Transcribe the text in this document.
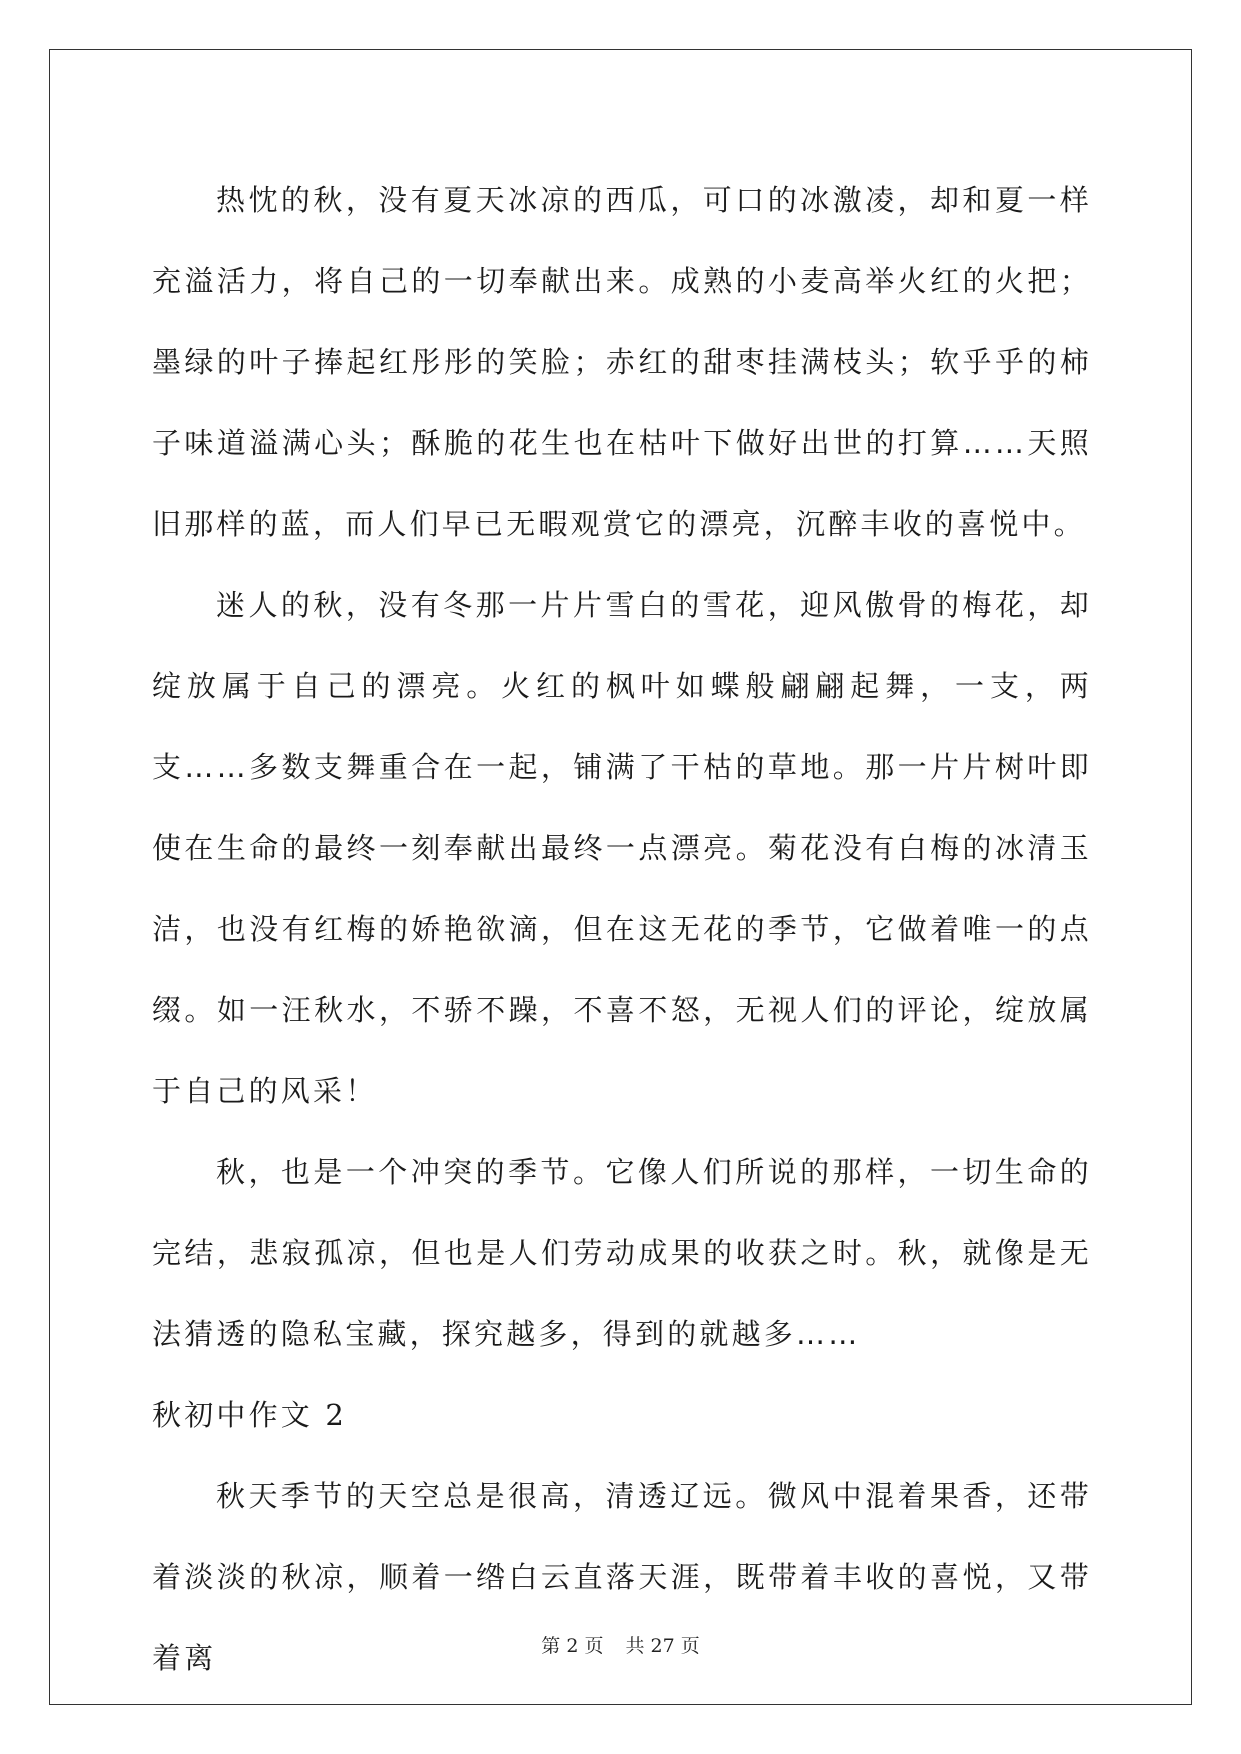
热忱的秋，没有夏天冰凉的西瓜，可口的冰激凌，却和夏一样充溢活力，将自己的一切奉献出来。成熟的小麦高举火红的火把；墨绿的叶子捧起红彤彤的笑脸；赤红的甜枣挂满枝头；软乎乎的柿子味道溢满心头；酥脆的花生也在枯叶下做好出世的打算……天照旧那样的蓝，而人们早已无暇观赏它的漂亮，沉醉丰收的喜悦中。

迷人的秋，没有冬那一片片雪白的雪花，迎风傲骨的梅花，却绽放属于自己的漂亮。火红的枫叶如蝶般翩翩起舞，一支，两支……多数支舞重合在一起，铺满了干枯的草地。那一片片树叶即使在生命的最终一刻奉献出最终一点漂亮。菊花没有白梅的冰清玉洁，也没有红梅的娇艳欲滴，但在这无花的季节，它做着唯一的点缀。如一汪秋水，不骄不躁，不喜不怒，无视人们的评论，绽放属于自己的风采！

秋，也是一个冲突的季节。它像人们所说的那样，一切生命的完结，悲寂孤凉，但也是人们劳动成果的收获之时。秋，就像是无法猜透的隐私宝藏，探究越多，得到的就越多……

秋初中作文 2

秋天季节的天空总是很高，清透辽远。微风中混着果香，还带着淡淡的秋凉，顺着一绺白云直落天涯，既带着丰收的喜悦，又带着离	第 2 页 共 27 页
